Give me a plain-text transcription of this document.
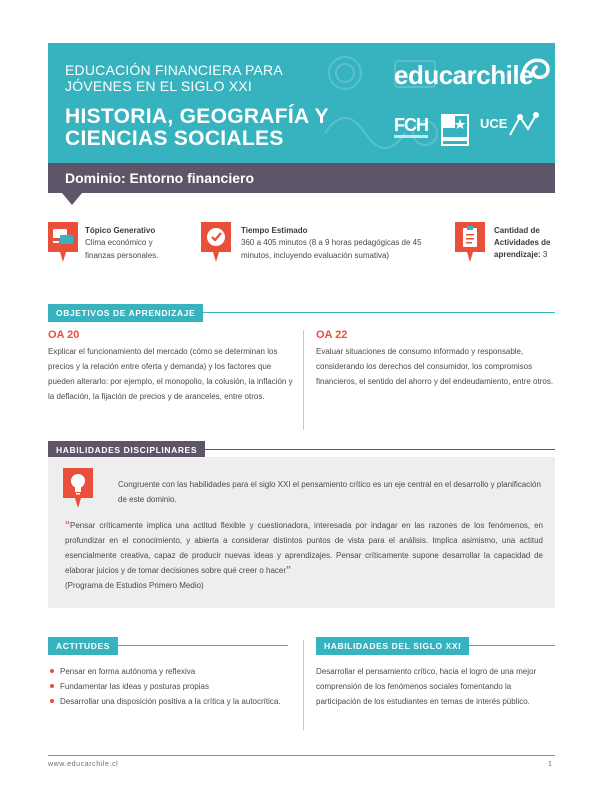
EDUCACIÓN FINANCIERA PARA JÓVENES EN EL SIGLO XXI
HISTORIA, GEOGRAFÍA Y CIENCIAS SOCIALES
educarchile
FCH	UCE
Dominio: Entorno financiero
Tópico Generativo
Clima económico y finanzas personales.
Tiempo Estimado
360 a 405 minutos (8 a 9 horas pedagógicas de 45 minutos, incluyendo evaluación sumativa)
Cantidad de Actividades de aprendizaje: 3
OBJETIVOS DE APRENDIZAJE
OA 20
Explicar el funcionamiento del mercado (cómo se determinan los precios y la relación entre oferta y demanda) y los factores que pueden alterarlo: por ejemplo, el monopolio, la colusión, la inflación y la deflación, la fijación de precios y de aranceles, entre otros.
OA 22
Evaluar situaciones de consumo informado y responsable, considerando los derechos del consumidor, los compromisos financieros, el sentido del ahorro y del endeudamiento, entre otros.
HABILIDADES DISCIPLINARES
Congruente con las habilidades para el siglo XXI el pensamiento crítico es un eje central en el desarrollo y planificación de este dominio.
“Pensar críticamente implica una actitud flexible y cuestionadora, interesada por indagar en las razones de los fenómenos, en profundizar en el conocimiento, y abierta a considerar distintos puntos de vista para el análisis. Implica asimismo, una actitud esencialmente creativa, capaz de producir nuevas ideas y aprendizajes. Pensar críticamente supone desarrollar la capacidad de elaborar juicios y de tomar decisiones sobre qué creer o hacer”
(Programa de Estudios Primero Medio)
ACTITUDES
Pensar en forma autónoma y reflexiva
Fundamentar las ideas y posturas propias
Desarrollar una disposición positiva a la crítica y la autocrítica.
HABILIDADES DEL SIGLO XXI
Desarrollar el pensamiento crítico, hacia el logro de una mejor comprensión de los fenómenos sociales fomentando la participación de los estudiantes en temas de interés público.
www.educarchile.cl	1
